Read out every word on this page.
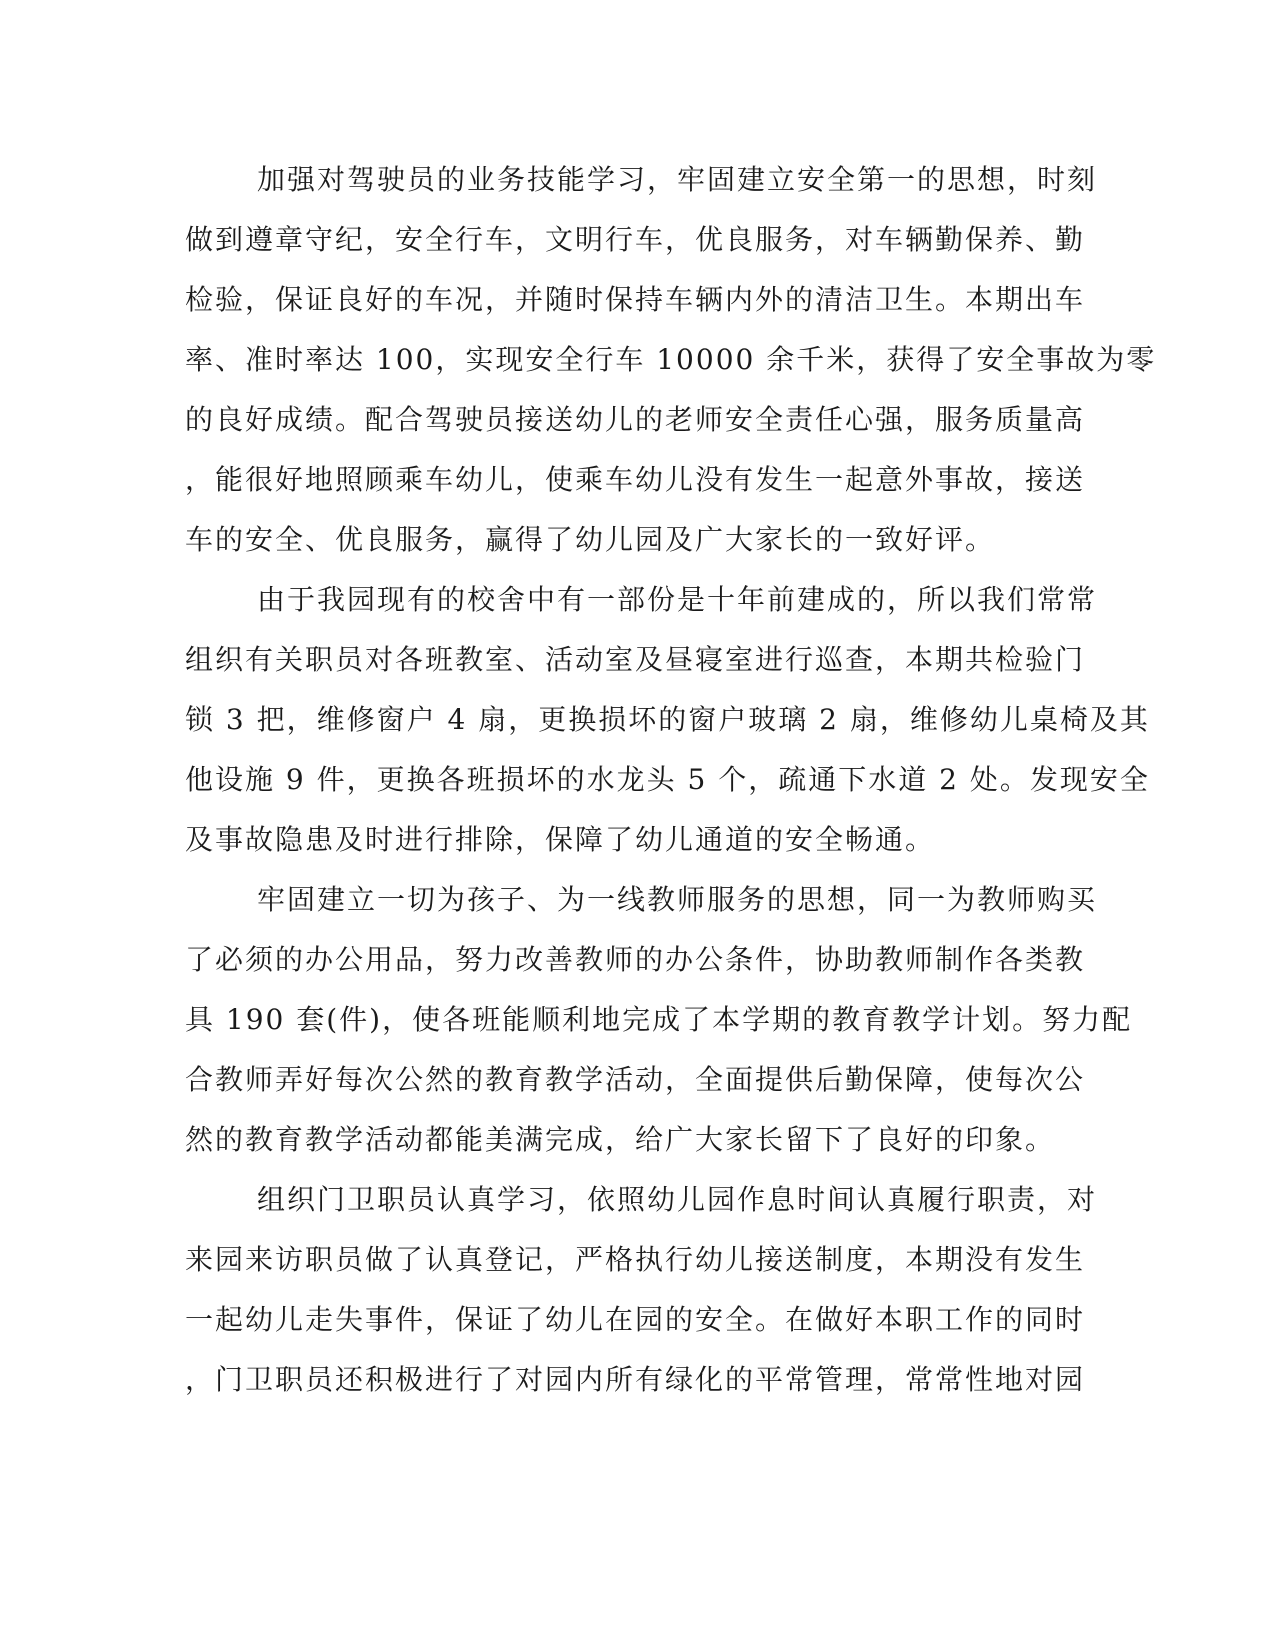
加强对驾驶员的业务技能学习，牢固建立安全第一的思想，时刻
做到遵章守纪，安全行车，文明行车，优良服务，对车辆勤保养、勤
检验，保证良好的车况，并随时保持车辆内外的清洁卫生。本期出车
率、准时率达 100，实现安全行车 10000 余千米，获得了安全事故为零
的良好成绩。配合驾驶员接送幼儿的老师安全责任心强，服务质量高
，能很好地照顾乘车幼儿，使乘车幼儿没有发生一起意外事故，接送
车的安全、优良服务，赢得了幼儿园及广大家长的一致好评。
由于我园现有的校舍中有一部份是十年前建成的，所以我们常常
组织有关职员对各班教室、活动室及昼寝室进行巡查，本期共检验门
锁 3 把，维修窗户 4 扇，更换损坏的窗户玻璃 2 扇，维修幼儿桌椅及其
他设施 9 件，更换各班损坏的水龙头 5 个，疏通下水道 2 处。发现安全
及事故隐患及时进行排除，保障了幼儿通道的安全畅通。
牢固建立一切为孩子、为一线教师服务的思想，同一为教师购买
了必须的办公用品，努力改善教师的办公条件，协助教师制作各类教
具 190 套(件)，使各班能顺利地完成了本学期的教育教学计划。努力配
合教师弄好每次公然的教育教学活动，全面提供后勤保障，使每次公
然的教育教学活动都能美满完成，给广大家长留下了良好的印象。
组织门卫职员认真学习，依照幼儿园作息时间认真履行职责，对
来园来访职员做了认真登记，严格执行幼儿接送制度，本期没有发生
一起幼儿走失事件，保证了幼儿在园的安全。在做好本职工作的同时
，门卫职员还积极进行了对园内所有绿化的平常管理，常常性地对园
